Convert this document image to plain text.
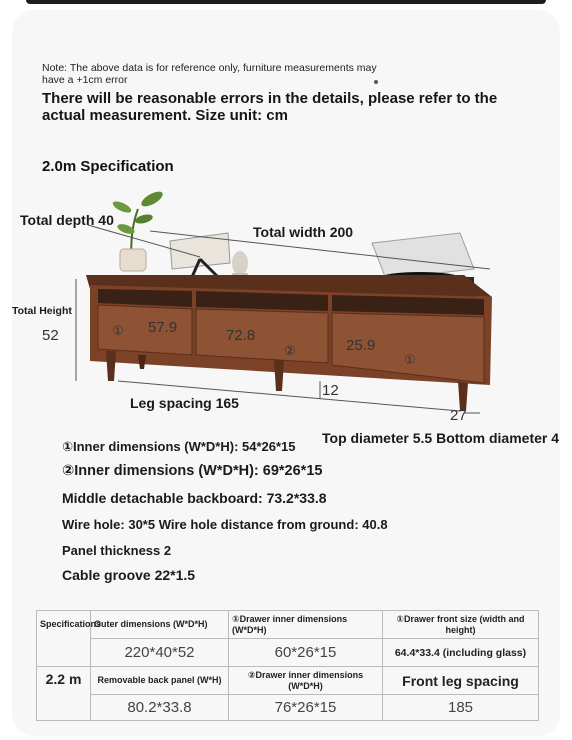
Note: The above data is for reference only, furniture measurements may have a +1cm error
There will be reasonable errors in the details, please refer to the actual measurement. Size unit: cm
2.0m Specification
Total depth 40
Total width 200
Total Height
52	① 57.9	72.8
②	25.9
①
12
Leg spacing 165
27
Top diameter 5.5 Bottom diameter 4
①Inner dimensions (W*D*H): 54*26*15
②Inner dimensions (W*D*H): 69*26*15
Middle detachable backboard: 73.2*33.8
Wire hole: 30*5 Wire hole distance from ground: 40.8
Panel thickness 2
Cable groove 22*1.5
Specifications	Outer dimensions (W*D*H)	①Drawer inner dimensions (W*D*H)	①Drawer front size (width and height)
	220*40*52	60*26*15	64.4*33.4 (including glass)
2.2 m	Removable back panel (W*H)	②Drawer inner dimensions (W*D*H)	Front leg spacing
	80.2*33.8	76*26*15	185
